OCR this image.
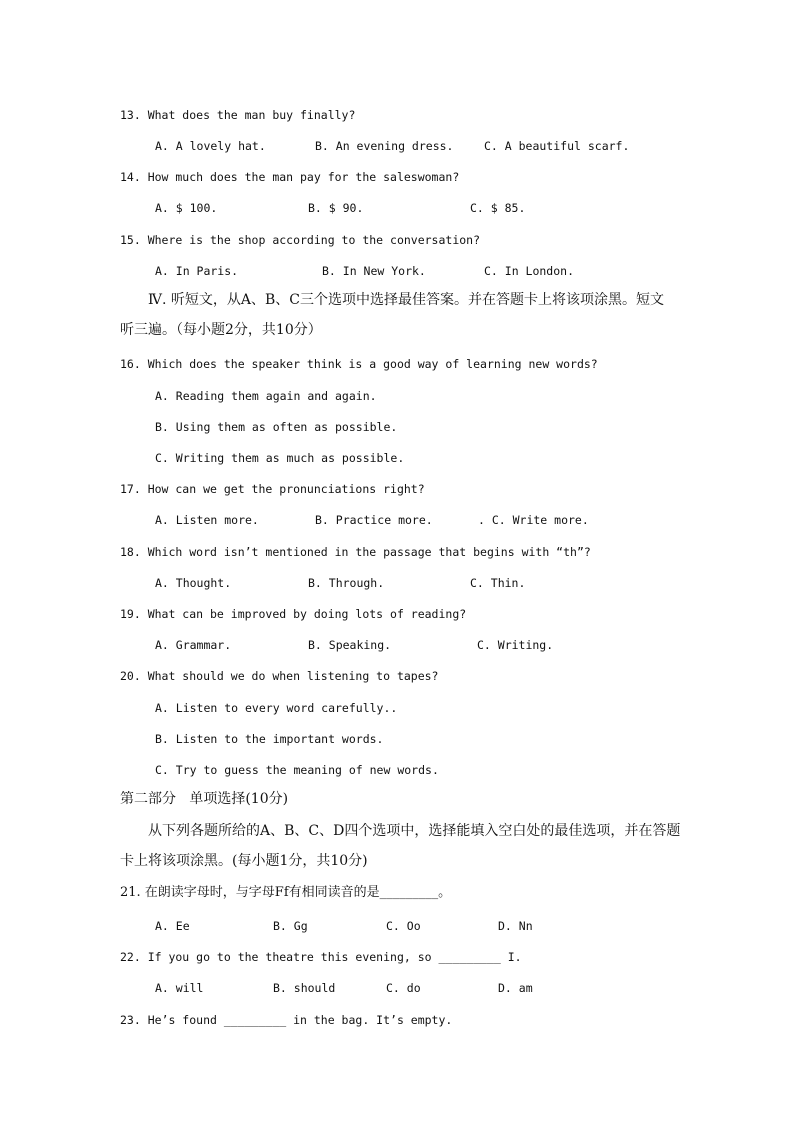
13. What does the man buy finally?
A. A lovely hat.	B. An evening dress.	C. A beautiful scarf.
14. How much does the man pay for the saleswoman?
A. $ 100.	B. $ 90.	C. $ 85.
15. Where is the shop according to the conversation?
A. In Paris.	B. In New York.	C. In London.
Ⅳ. 听短文，从A、B、C三个选项中选择最佳答案。并在答题卡上将该项涂黑。短文
听三遍。（每小题2分，共10分）
16. Which does the speaker think is a good way of learning new words?
A. Reading them again and again.
B. Using them as often as possible.
C. Writing them as much as possible.
17. How can we get the pronunciations right?
A. Listen more.	B. Practice more.	. C. Write more.
18. Which word isn’t mentioned in the passage that begins with “th”?
A. Thought.	B. Through.	C. Thin.
19. What can be improved by doing lots of reading?
A. Grammar.	B. Speaking.	C. Writing.
20. What should we do when listening to tapes?
A. Listen to every word carefully..
B. Listen to the important words.
C. Try to guess the meaning of new words.
第二部分   单项选择(10分)
从下列各题所给的A、B、C、D四个选项中，选择能填入空白处的最佳选项，并在答题
卡上将该项涂黑。(每小题1分，共10分)
21. 在朗读字母时，与字母Ff有相同读音的是_________。
A. Ee	B. Gg	C. Oo	D. Nn
22. If you go to the theatre this evening, so _________ I.
A. will	B. should	C. do	D. am
23. He’s found _________ in the bag. It’s empty.
